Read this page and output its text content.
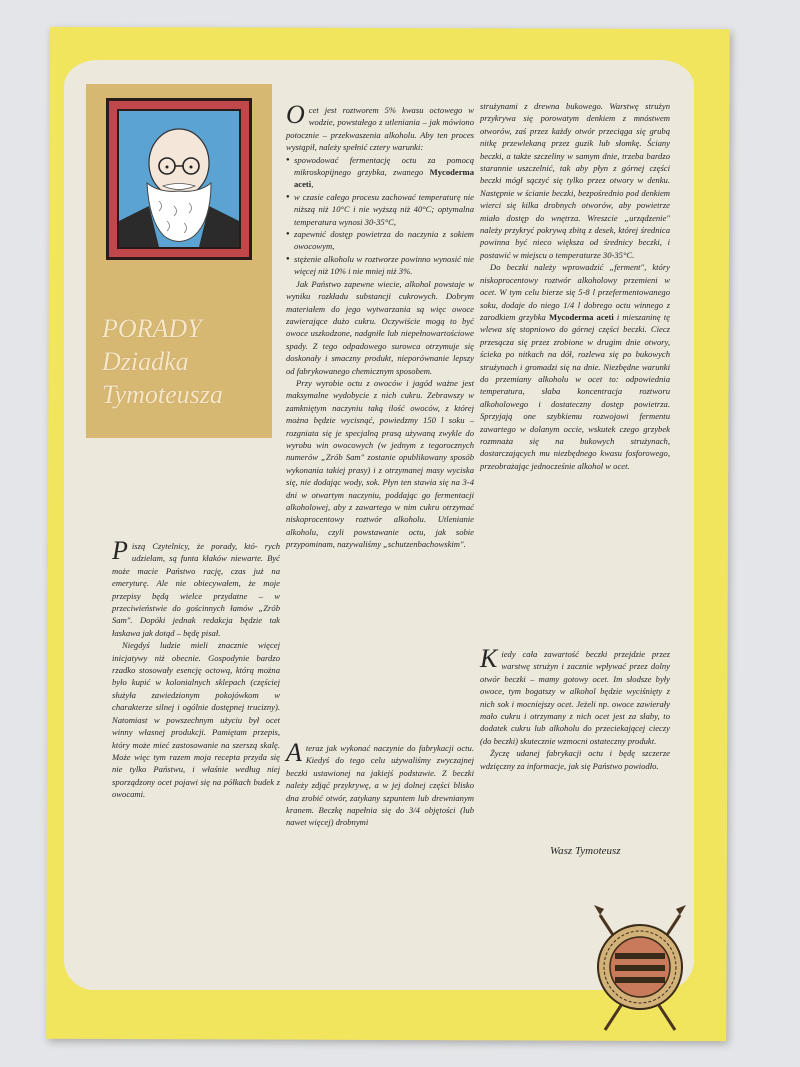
PORADY
Dziadka
Tymoteusza

Piszą Czytelnicy, że porady, któ- rych udzielam, są funta kłaków niewarte. Być może macie Państwo rację, czas już na emeryturę. Ale nie obiecywałem, że moje przepisy będą wielce przydatne – w przeciwieństwie do gościnnych łamów „Zrób Sam". Dopóki jednak redakcja będzie tak łaskawa jak dotąd – będę pisał.

Niegdyś ludzie mieli znacznie więcej inicjatywy niż obecnie. Gospodynie bardzo rzadko stosowały esencję octową, którą można było kupić w kolonialnych sklepach (częściej służyła zawiedzionym pokojówkom w charakterze silnej i ogólnie dostępnej trucizny). Natomiast w powszechnym użyciu był ocet winny własnej produkcji. Pamiętam przepis, który może mieć zastosowanie na szerszą skalę. Może więc tym razem moja recepta przyda się nie tylko Państwu, i właśnie według niej sporządzony ocet pojawi się na półkach budek z owocami.

Ocet jest roztworem 5% kwasu octowego w wodzie, powstałego z utleniania – jak mówiono potocznie – przekwaszenia alkoholu. Aby ten proces wystąpił, należy spełnić cztery warunki:

● spowodować fermentację octu za pomocą mikroskopijnego grzybka, zwanego Mycoderma aceti,
● w czasie całego procesu zachować temperaturę nie niższą niż 10°C i nie wyższą niż 40°C; optymalna temperatura wynosi 30-35°C,
● zapewnić dostęp powietrza do naczynia z sokiem owocowym,
● stężenie alkoholu w roztworze powinno wynosić nie więcej niż 10% i nie mniej niż 3%.

Jak Państwo zapewne wiecie, alkohol powstaje w wyniku rozkładu substancji cukrowych. Dobrym materiałem do jego wytwarzania są więc owoce zawierające dużo cukru. Oczywiście mogą to być owoce uszkodzone, nadgniłe lub niepełnowartościowe spady. Z tego odpadowego surowca otrzymuje się doskonały i smaczny produkt, nieporównanie lepszy od fabrykowanego chemicznym sposobem.

Przy wyrobie octu z owoców i jagód ważne jest maksymalne wydobycie z nich cukru. Zebrawszy w zamkniętym naczyniu taką ilość owoców, z której można będzie wycisnąć, powiedzmy 150 l soku – rozgniata się je specjalną prasą używaną zwykle do wyrobu win owocowych (w jednym z tegorocznych numerów „Zrób Sam" zostanie opublikowany sposób wykonania takiej prasy) i z otrzymanej masy wyciska się, nie dodając wody, sok. Płyn ten stawia się na 3-4 dni w otwartym naczyniu, poddając go fermentacji alkoholowej, aby z zawartego w nim cukru otrzymać niskoprocentowy roztwór alkoholu. Utlenianie alkoholu, czyli powstawanie octu, jak sobie przypominam, nazywaliśmy „schutzenbachowskim".

Ateraz jak wykonać naczynie do fabrykacji octu. Kiedyś do tego celu używaliśmy zwyczajnej beczki ustawionej na jakiejś podstawie. Z beczki należy zdjąć przykrywę, a w jej dolnej części blisko dna zrobić otwór, zatykany szpuntem lub drewnianym kranem. Beczkę napełnia się do 3/4 objętości (lub nawet więcej) drobnymi

strużynami z drewna bukowego. Warstwę strużyn przykrywa się porowatym denkiem z mnóstwem otworów, zaś przez każdy otwór przeciąga się grubą nitkę przewlekaną przez guzik lub słomkę. Ściany beczki, a także szczeliny w samym dnie, trzeba bardzo starannie uszczelnić, tak aby płyn z górnej części beczki mógł sączyć się tylko przez otwory w denku. Następnie w ścianie beczki, bezpośrednio pod denkiem wierci się kilka drobnych otworów, aby powietrze miało dostęp do wnętrza. Wreszcie „urządzenie" należy przykryć pokrywą zbitą z desek, której średnica powinna być nieco większa od średnicy beczki, i postawić w miejscu o temperaturze 30-35°C.

Do beczki należy wprowadzić „ferment", który niskoprocentowy roztwór alkoholowy przemieni w ocet. W tym celu bierze się 5-8 l przefermentowanego soku, dodaje do niego 1/4 l dobrego octu winnego z zarodkiem grzybka Mycoderma aceti i mieszaninę tę wlewa się stopniowo do górnej części beczki. Ciecz przesącza się przez zrobione w drugim dnie otwory, ścieka po nitkach na dół, rozlewa się po bukowych strużynach i gromadzi się na dnie. Niezbędne warunki do przemiany alkoholu w ocet to: odpowiednia temperatura, słaba koncentracja roztworu alkoholowego i dostateczny dostęp powietrza. Sprzyjają one szybkiemu rozwojowi fermentu zawartego w dolanym occie, wskutek czego grzybek rozmnaża się na bukowych strużynach, dostarczających mu niezbędnego kwasu fosforowego, przeobrażając jednocześnie alkohol w ocet.

Kiedy cała zawartość beczki przejdzie przez warstwę strużyn i zacznie wpływać przez dolny otwór beczki – mamy gotowy ocet. Im słodsze były owoce, tym bogatszy w alkohol będzie wyciśnięty z nich sok i mocniejszy ocet. Jeżeli np. owoce zawierały mało cukru i otrzymany z nich ocet jest za słaby, to dodatek cukru lub alkoholu do przeciekającej cieczy (do beczki) skutecznie wzmocni ostateczny produkt.

Życzę udanej fabrykacji octu i będę szczerze wdzięczny za informacje, jak się Państwo powiodło.

Wasz Tymoteusz
